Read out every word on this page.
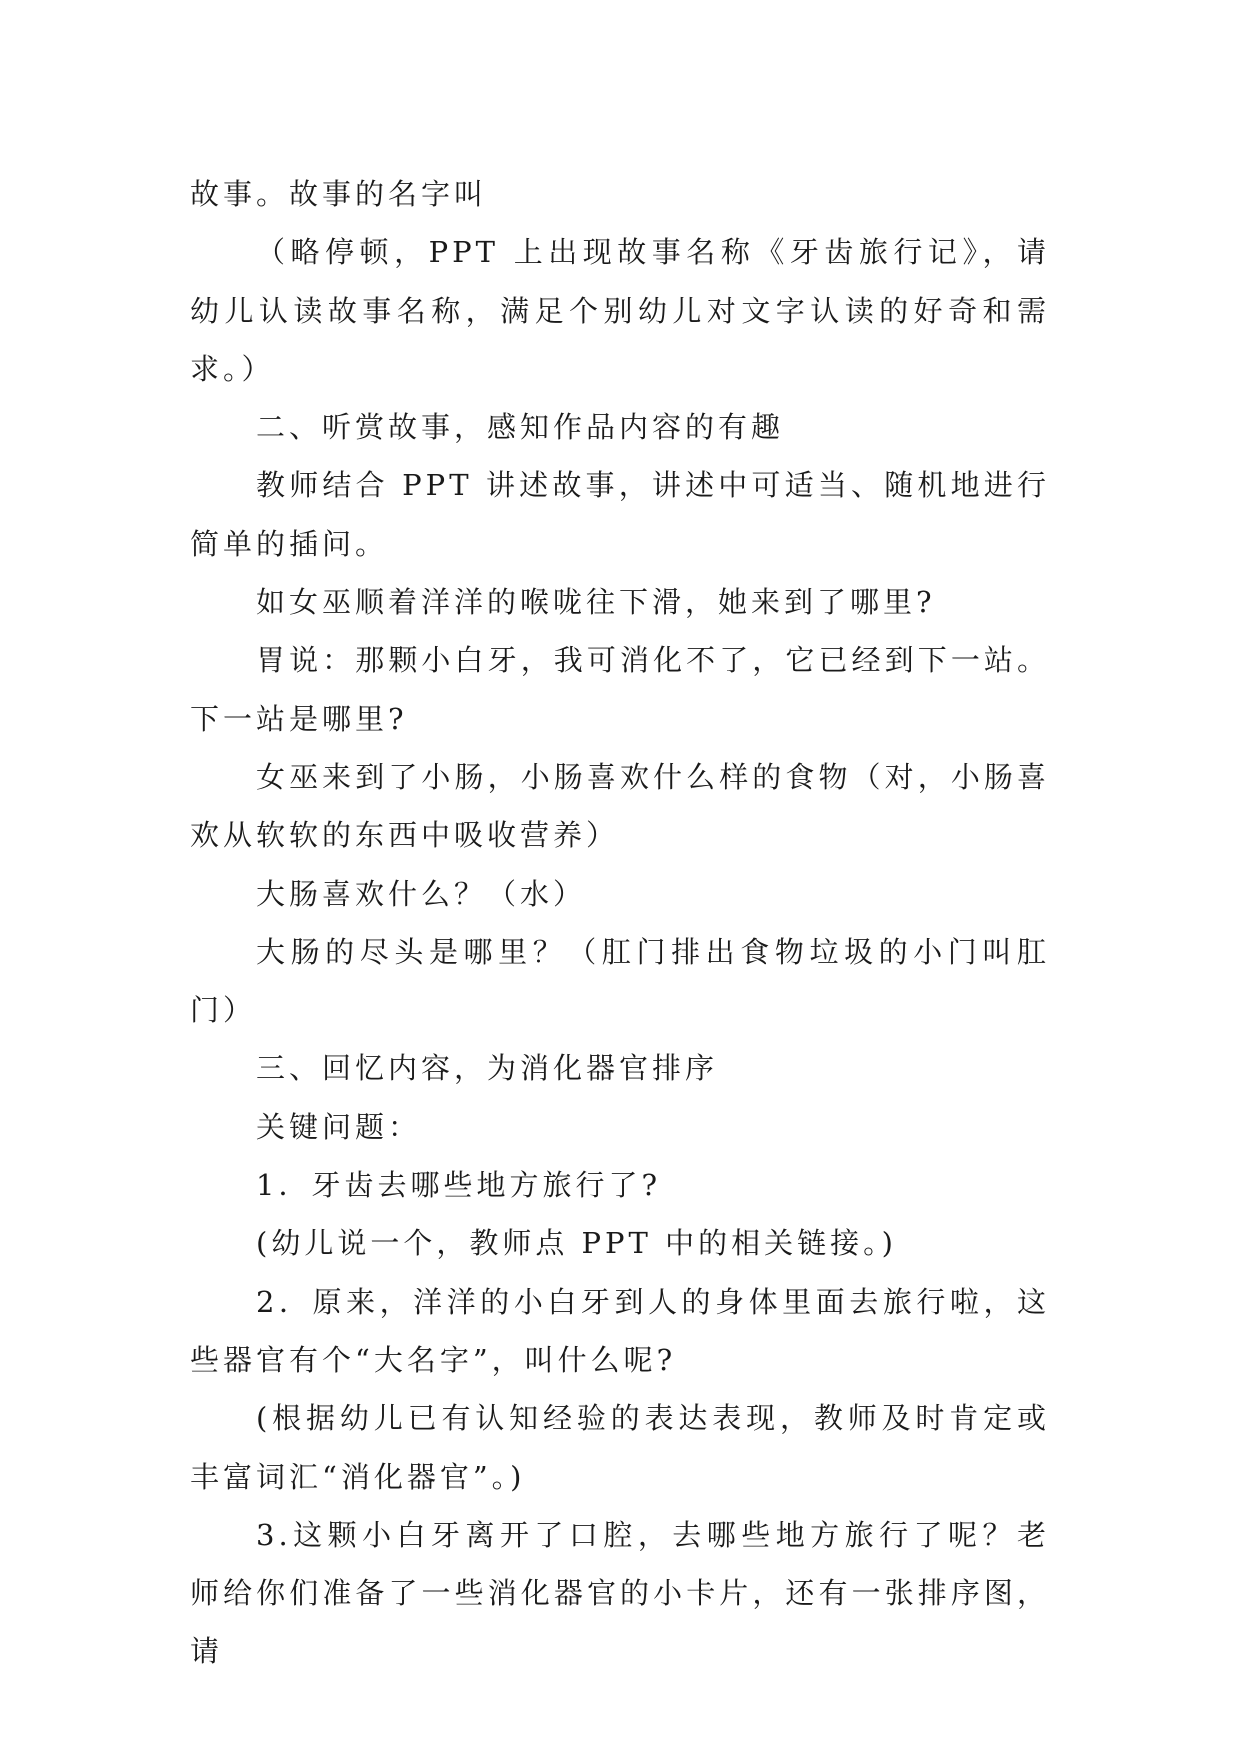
故事。故事的名字叫

（略停顿，PPT 上出现故事名称《牙齿旅行记》，请幼儿认读故事名称，满足个别幼儿对文字认读的好奇和需求。）

二、听赏故事，感知作品内容的有趣

教师结合 PPT 讲述故事，讲述中可适当、随机地进行简单的插问。

如女巫顺着洋洋的喉咙往下滑，她来到了哪里?

胃说：那颗小白牙，我可消化不了，它已经到下一站。下一站是哪里?

女巫来到了小肠，小肠喜欢什么样的食物（对，小肠喜欢从软软的东西中吸收营养）

大肠喜欢什么？（水）

大肠的尽头是哪里？（肛门排出食物垃圾的小门叫肛门）

三、回忆内容，为消化器官排序

关键问题：

1．牙齿去哪些地方旅行了?

(幼儿说一个，教师点 PPT 中的相关链接。)

2．原来，洋洋的小白牙到人的身体里面去旅行啦，这些器官有个“大名字”，叫什么呢?

(根据幼儿已有认知经验的表达表现，教师及时肯定或丰富词汇“消化器官”。)

3.这颗小白牙离开了口腔，去哪些地方旅行了呢？老师给你们准备了一些消化器官的小卡片，还有一张排序图，请
